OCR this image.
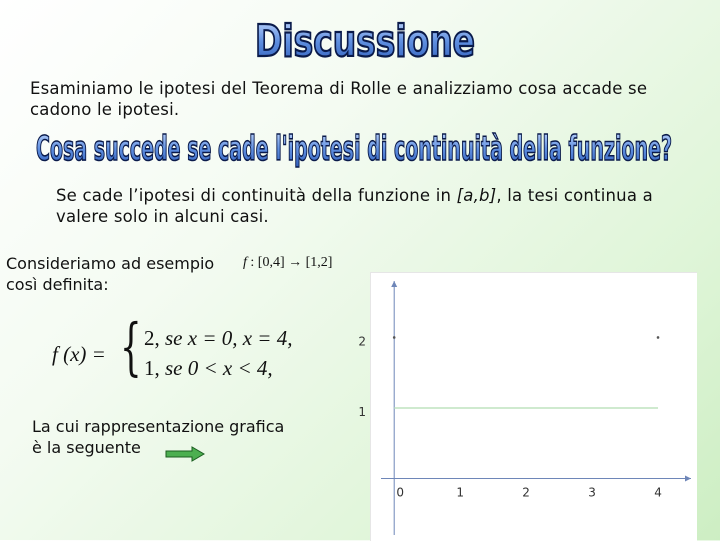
Discussione
Esaminiamo le ipotesi del Teorema di Rolle e analizziamo cosa accade se cadono le ipotesi.
Cosa succede se cade l'ipotesi di continuità della funzione?
Se cade l’ipotesi di continuità della funzione in [a,b], la tesi continua a valere solo in alcuni casi.
Consideriamo ad esempio
così definita:
f : [0,4] → [1,2]
f (x) = { 2, se x = 0, x = 4,
1, se 0 < x < 4,
La cui rappresentazione grafica
è la seguente
0	1	2	3	4
1
2
